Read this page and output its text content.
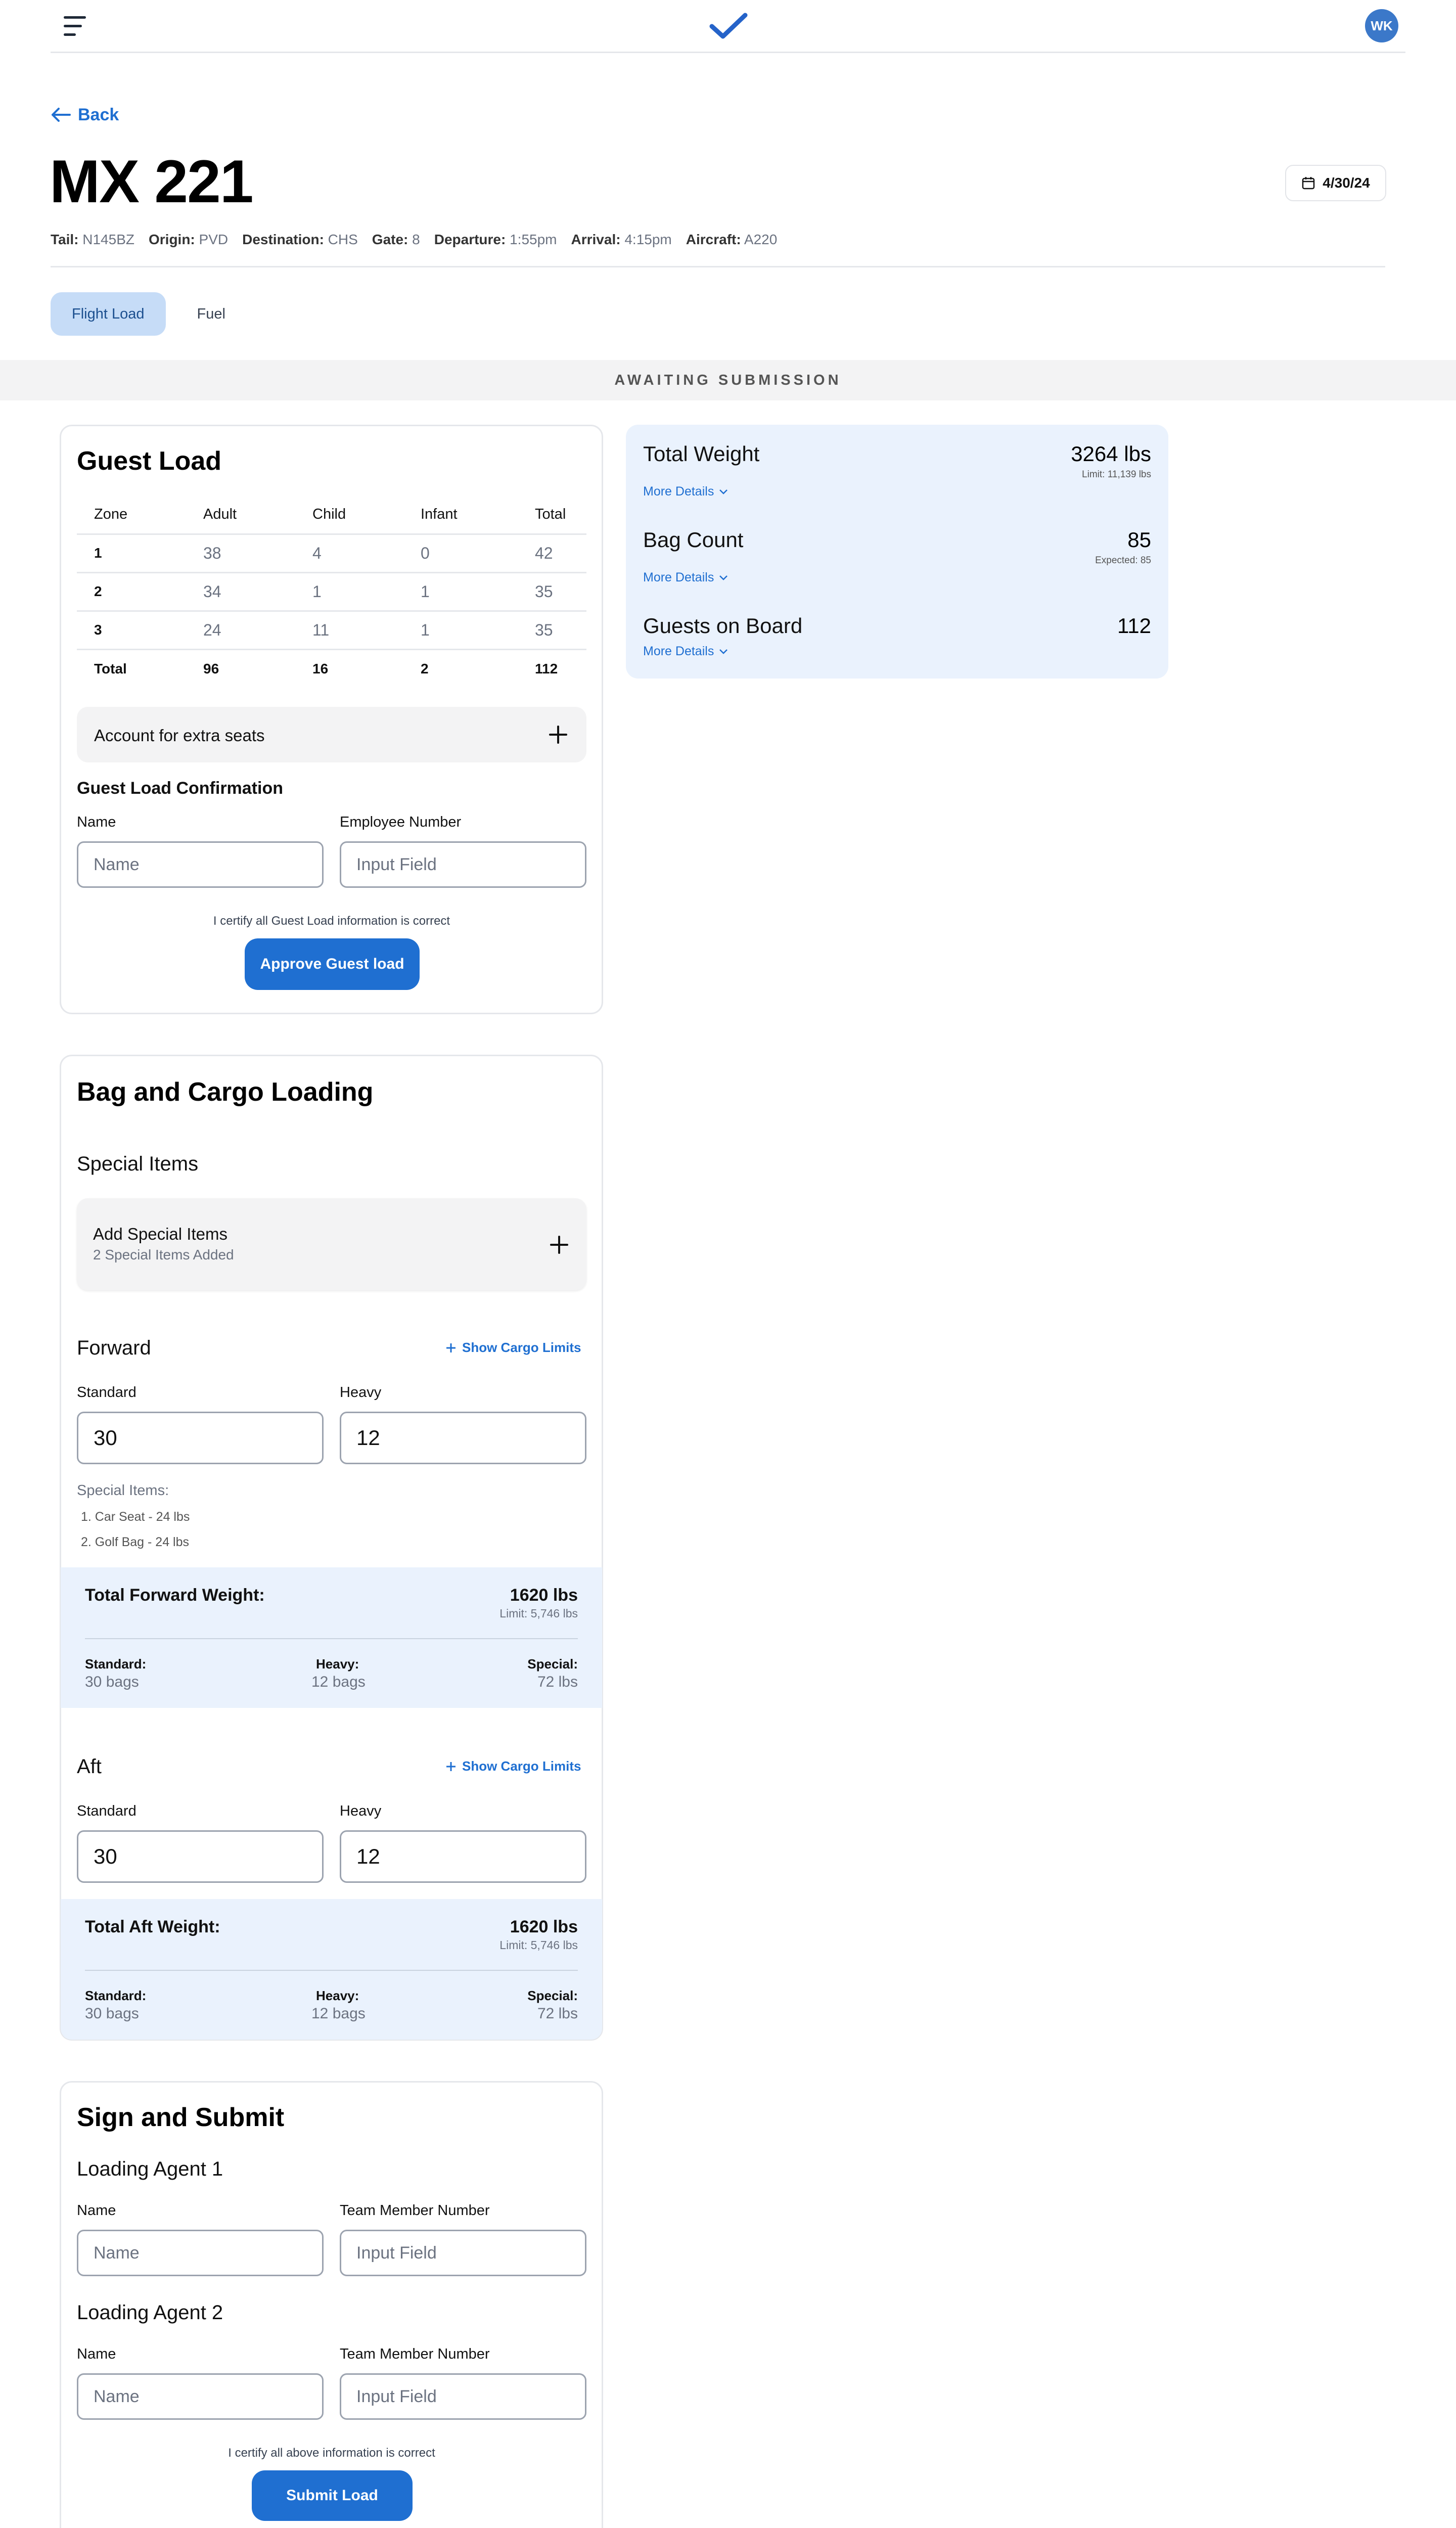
WK
Back
MX 221	4/30/24
Tail: N145BZ Origin: PVD Destination: CHS Gate: 8 Departure: 1:55pm Arrival: 4:15pm Aircraft: A220
Flight Load	Fuel
AWAITING SUBMISSION
Guest Load
Zone	Adult	Child	Infant	Total
1	38	4	0	42
2	34	1	1	35
3	24	11	1	35
Total	96	16	2	112
Account for extra seats
Guest Load Confirmation
Name	Employee Number
Name	Input Field
I certify all Guest Load information is correct
Approve Guest load
Total Weight	3264 lbs
Limit: 11,139 lbs
More Details
Bag Count	85
Expected: 85
More Details
Guests on Board	112
More Details
Bag and Cargo Loading
Special Items
Add Special Items
2 Special Items Added
Forward	Show Cargo Limits
Standard	Heavy
30	12
Special Items:
1. Car Seat - 24 lbs
2. Golf Bag - 24 lbs
Total Forward Weight:	1620 lbs
Limit: 5,746 lbs
Standard:
30 bags
Heavy:
12 bags
Special:
72 lbs
Aft	Show Cargo Limits
Standard	Heavy
30	12
Total Aft Weight:	1620 lbs
Limit: 5,746 lbs
Standard:
30 bags
Heavy:
12 bags
Special:
72 lbs
Sign and Submit
Loading Agent 1
Name	Team Member Number
Name	Input Field
Loading Agent 2
Name	Team Member Number
Name	Input Field
I certify all above information is correct
Submit Load
